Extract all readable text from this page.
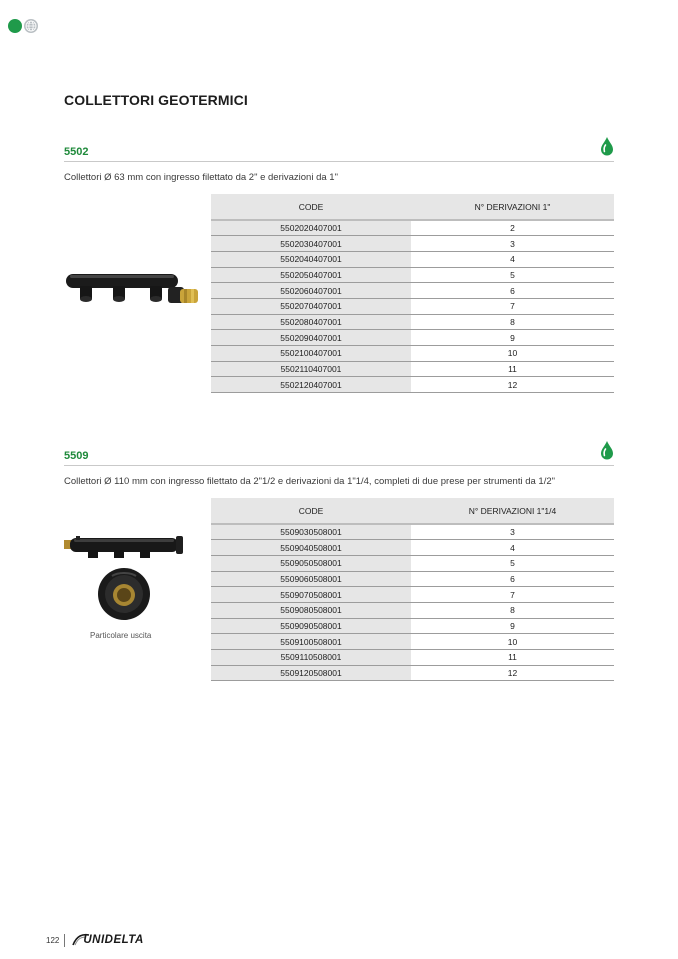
COLLETTORI GEOTERMICI
5502
Collettori Ø 63 mm con ingresso filettato da 2" e derivazioni da 1"
CODE	N° DERIVAZIONI 1"
5502020407001	2
5502030407001	3
5502040407001	4
5502050407001	5
5502060407001	6
5502070407001	7
5502080407001	8
5502090407001	9
5502100407001	10
5502110407001	11
5502120407001	12
5509
Collettori Ø 110 mm con ingresso filettato da 2"1/2 e derivazioni da 1"1/4, completi di due prese per strumenti da 1/2"
Particolare uscita
CODE	N° DERIVAZIONI 1"1/4
5509030508001	3
5509040508001	4
5509050508001	5
5509060508001	6
5509070508001	7
5509080508001	8
5509090508001	9
5509100508001	10
5509110508001	11
5509120508001	12
122	UNIDELTA
